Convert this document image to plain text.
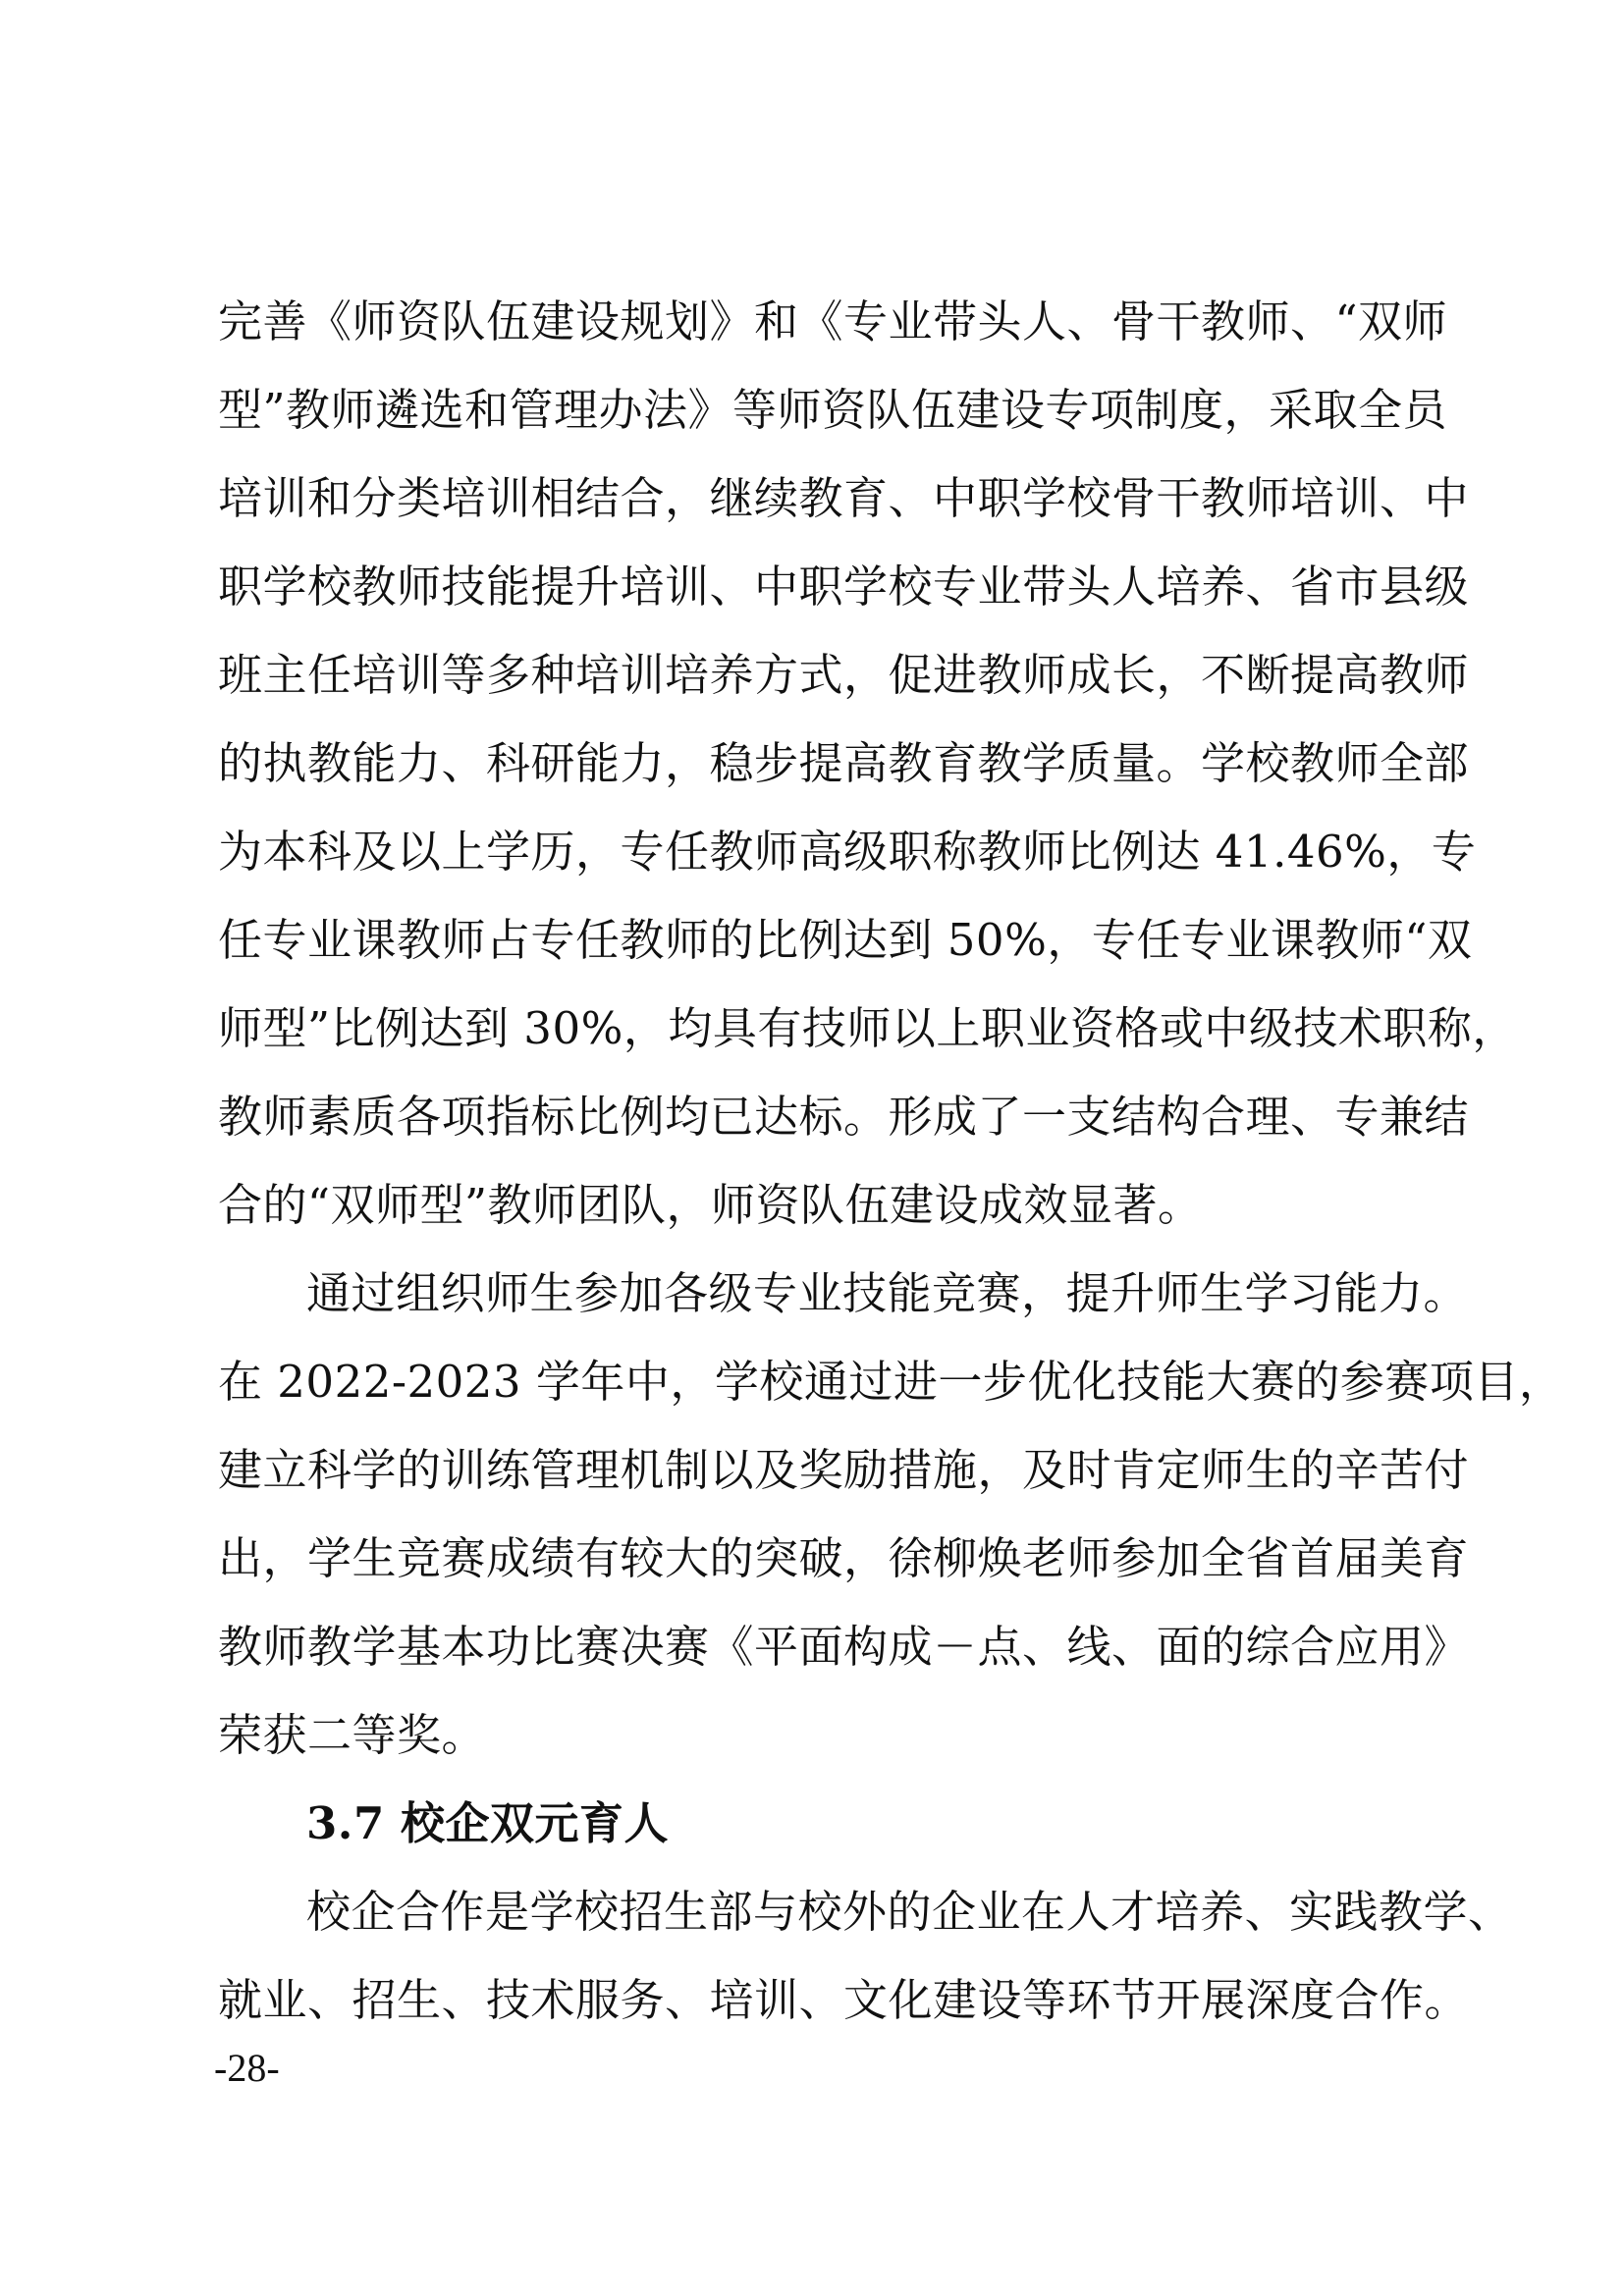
完善《师资队伍建设规划》和《专业带头人、骨干教师、“双师
型”教师遴选和管理办法》等师资队伍建设专项制度，采取全员
培训和分类培训相结合，继续教育、中职学校骨干教师培训、中
职学校教师技能提升培训、中职学校专业带头人培养、省市县级
班主任培训等多种培训培养方式，促进教师成长，不断提高教师
的执教能力、科研能力，稳步提高教育教学质量。学校教师全部
为本科及以上学历，专任教师高级职称教师比例达 41.46%，专
任专业课教师占专任教师的比例达到 50%，专任专业课教师“双
师型”比例达到 30%，均具有技师以上职业资格或中级技术职称，
教师素质各项指标比例均已达标。形成了一支结构合理、专兼结
合的“双师型”教师团队，师资队伍建设成效显著。
通过组织师生参加各级专业技能竞赛，提升师生学习能力。
在 2022-2023 学年中，学校通过进一步优化技能大赛的参赛项目，
建立科学的训练管理机制以及奖励措施，及时肯定师生的辛苦付
出，学生竞赛成绩有较大的突破，徐柳焕老师参加全省首届美育
教师教学基本功比赛决赛《平面构成－点、线、面的综合应用》
荣获二等奖。
3.7 校企双元育人
校企合作是学校招生部与校外的企业在人才培养、实践教学、
就业、招生、技术服务、培训、文化建设等环节开展深度合作。
-28-
